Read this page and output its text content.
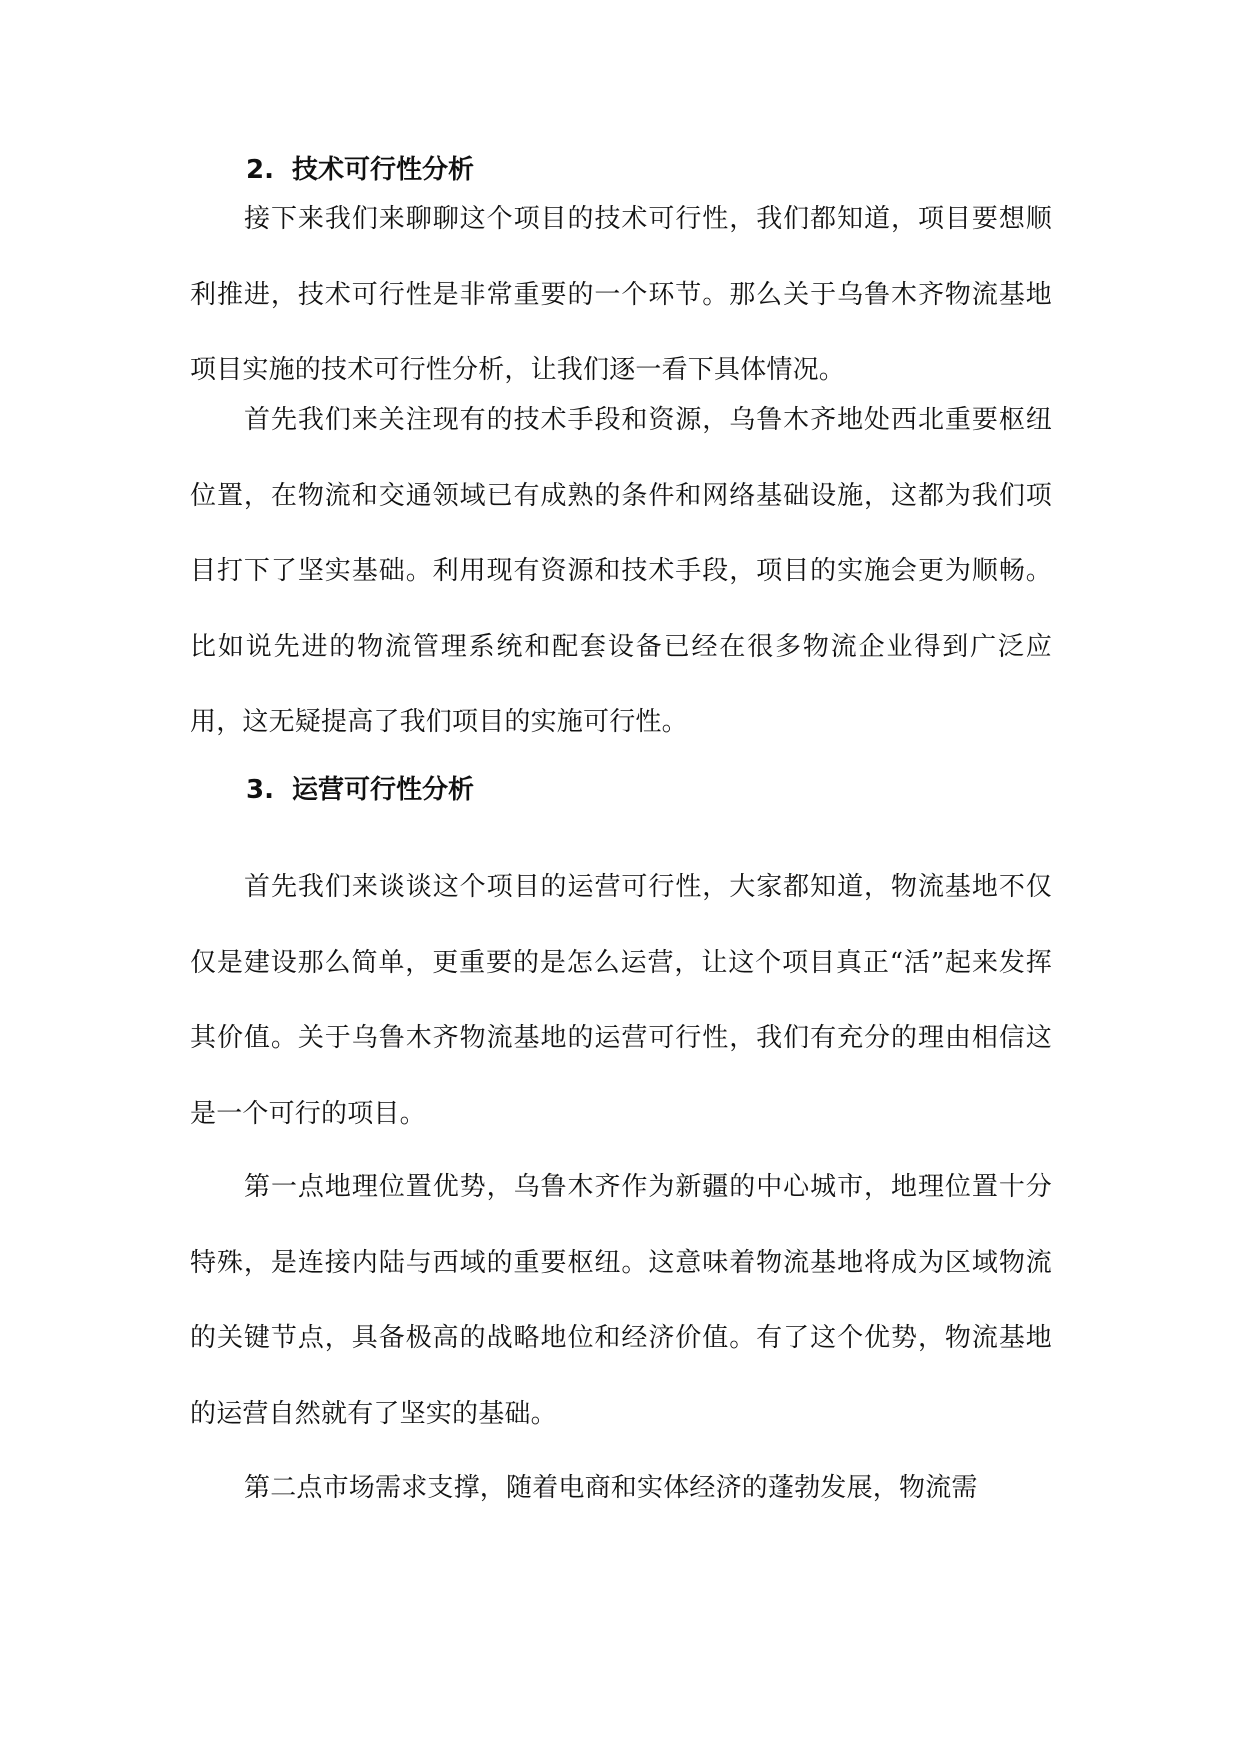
2. 技术可行性分析

接下来我们来聊聊这个项目的技术可行性，我们都知道，项目要想顺利推进，技术可行性是非常重要的一个环节。那么关于乌鲁木齐物流基地项目实施的技术可行性分析，让我们逐一看下具体情况。

首先我们来关注现有的技术手段和资源，乌鲁木齐地处西北重要枢纽位置，在物流和交通领域已有成熟的条件和网络基础设施，这都为我们项目打下了坚实基础。利用现有资源和技术手段，项目的实施会更为顺畅。比如说先进的物流管理系统和配套设备已经在很多物流企业得到广泛应用，这无疑提高了我们项目的实施可行性。

3. 运营可行性分析

首先我们来谈谈这个项目的运营可行性，大家都知道，物流基地不仅仅是建设那么简单，更重要的是怎么运营，让这个项目真正“活”起来发挥其价值。关于乌鲁木齐物流基地的运营可行性，我们有充分的理由相信这是一个可行的项目。

第一点地理位置优势，乌鲁木齐作为新疆的中心城市，地理位置十分特殊，是连接内陆与西域的重要枢纽。这意味着物流基地将成为区域物流的关键节点，具备极高的战略地位和经济价值。有了这个优势，物流基地的运营自然就有了坚实的基础。

第二点市场需求支撑，随着电商和实体经济的蓬勃发展，物流需
